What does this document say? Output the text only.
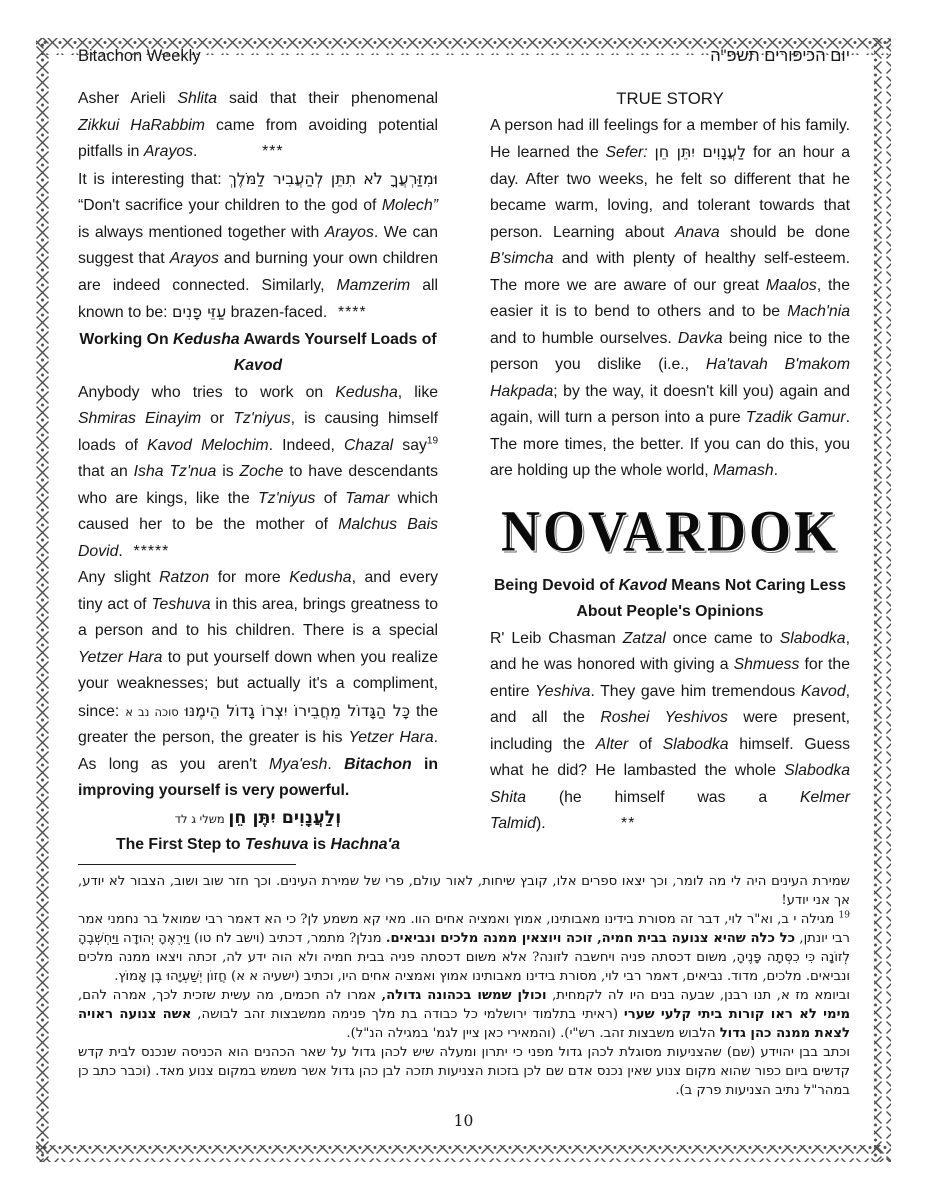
Bitachon Weekly	יום הכיפורים תשפ"ה
Asher Arieli Shlita said that their phenomenal Zikkui HaRabbim came from avoiding potential pitfalls in Arayos.            ***
It is interesting that: וּמִזַּרְעֲךָ לֹא תִתֵּן לְהַעֲבִיר לַמֹּלֶךְ “Don't sacrifice your children to the god of Molech” is always mentioned together with Arayos. We can suggest that Arayos and burning your own children are indeed connected. Similarly, Mamzerim all known to be: עַזֵּי פָנִים brazen-faced.  ****
Working On Kedusha Awards Yourself Loads of Kavod
Anybody who tries to work on Kedusha, like Shmiras Einayim or Tz'niyus, is causing himself loads of Kavod Melochim. Indeed, Chazal say$^{19}$ that an Isha Tz'nua is Zoche to have descendants who are kings, like the Tz'niyus of Tamar which caused her to be the mother of Malchus Bais Dovid.  *****
Any slight Ratzon for more Kedusha, and every tiny act of Teshuva in this area, brings greatness to a person and to his children. There is a special Yetzer Hara to put yourself down when you realize your weaknesses; but actually it's a compliment, since:	כָּל הַגָּדוֹל מֵחֲבֵירוֹ יִצְרוֹ גָדוֹל הֵימֶנּוּ סוכה נב א	the greater the person, the greater is his Yetzer Hara. As long as you aren't Mya'esh. Bitachon in improving yourself is very powerful.
וְלַעֲנָוִים יִתֶּן חֵן משלי ג לד
The First Step to Teshuva is Hachna'a
TRUE STORY
A person had ill feelings for a member of his family. He learned the Sefer: לַעֲנָוִים יִתֵּן חֵן for an hour a day. After two weeks, he felt so different that he became warm, loving, and tolerant towards that person. Learning about Anava should be done B'simcha and with plenty of healthy self-esteem. The more we are aware of our great Maalos, the easier it is to bend to others and to be Mach'nia and to humble ourselves. Davka being nice to the person you dislike (i.e., Ha'tavah B'makom Hakpada; by the way, it doesn't kill you) again and again, will turn a person into a pure Tzadik Gamur. The more times, the better. If you can do this, you are holding up the whole world, Mamash.
NOVARDOK
Being Devoid of Kavod Means Not Caring Less About People's Opinions
R' Leib Chasman Zatzal once came to Slabodka, and he was honored with giving a Shmuess for the entire Yeshiva. They gave him tremendous Kavod, and all the Roshei Yeshivos were present, including the Alter of Slabodka himself. Guess what he did? He lambasted the whole Slabodka Shita (he himself was a Kelmer Talmid).              **
שמירת העינים היה לי מה לומר, וכך יצאו ספרים אלו, קובץ שיחות, לאור עולם, פרי של שמירת העינים. וכך חזר שוב ושוב, הצבור לא יודע, אך אני יודע!
$^{19}$ מגילה י ב, וא"ר לוי, דבר זה מסורת בידינו מאבותינו, אמוץ ואמציה אחים הוו. מאי קא משמע לן? כי הא דאמר רבי שמואל בר נחמני אמר רבי יונתן, כל כלה שהיא צנועה בבית חמיה, זוכה ויוצאין ממנה מלכים ונביאים. מנלן? מתמר, דכתיב (וישב לח טו) וַיִּרְאֶהָ יְהוּדָה וַיַּחְשְׁבֶהָ לְזוֹנָה כִּי כִסְּתָה פָּנֶיהָ, משום דכסתה פניה ויחשבה לזונה? אלא משום דכסתה פניה בבית חמיה ולא הוה ידע לה, זכתה ויצאו ממנה מלכים ונביאים. מלכים, מדוד. נביאים, דאמר רבי לוי, מסורת בידינו מאבותינו אמוץ ואמציה אחים היו, וכתיב (ישעיה א א) חֲזוֹן יְשַׁעְיָהוּ בֶן אָמוֹץ.
וביומא מז א, תנו רבנן, שבעה בנים היו לה לקמחית, וכולן שמשו בכהונה גדולה, אמרו לה חכמים, מה עשית שזכית לכך, אמרה להם, מימי לא ראו קורות ביתי קלעי שערי (ראיתי בתלמוד ירושלמי כל כבודה בת מלך פנימה ממשבצות זהב לבושה, אשה צנועה ראויה לצאת ממנה כהן גדול הלבוש משבצות זהב. רש"י). (והמאירי כאן ציין לגמ' במגילה הנ"ל).
וכתב בבן יהוידע (שם) שהצניעות מסוגלת לכהן גדול מפני כי יתרון ומעלה שיש לכהן גדול על שאר הכהנים הוא הכניסה שנכנס לבית קדש קדשים ביום כפור שהוא מקום צנוע שאין נכנס אדם שם לכן בזכות הצניעות תזכה לבן כהן גדול אשר משמש במקום צנוע מאד. (וכבר כתב כן במהר"ל נתיב הצניעות פרק ב).
10
